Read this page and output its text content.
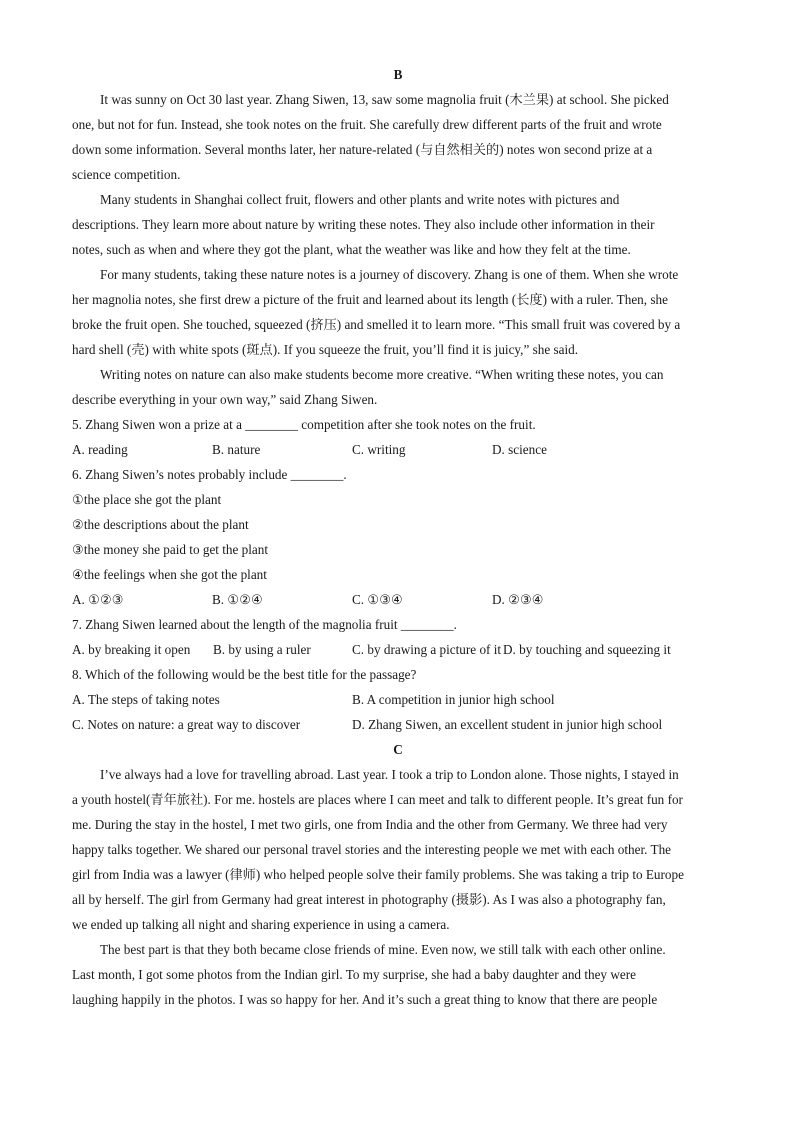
B
It was sunny on Oct 30 last year. Zhang Siwen, 13, saw some magnolia fruit (木兰果) at school. She picked
one, but not for fun. Instead, she took notes on the fruit. She carefully drew different parts of the fruit and wrote
down some information. Several months later, her nature-related (与自然相关的) notes won second prize at a
science competition.
Many students in Shanghai collect fruit, flowers and other plants and write notes with pictures and
descriptions. They learn more about nature by writing these notes. They also include other information in their
notes, such as when and where they got the plant, what the weather was like and how they felt at the time.
For many students, taking these nature notes is a journey of discovery. Zhang is one of them. When she wrote
her magnolia notes, she first drew a picture of the fruit and learned about its length (长度) with a ruler. Then, she
broke the fruit open. She touched, squeezed (挤压) and smelled it to learn more. “This small fruit was covered by a
hard shell (壳) with white spots (斑点). If you squeeze the fruit, you’ll find it is juicy,” she said.
Writing notes on nature can also make students become more creative. “When writing these notes, you can
describe everything in your own way,” said Zhang Siwen.
5. Zhang Siwen won a prize at a ________ competition after she took notes on the fruit.
A. reading	B. nature	C. writing	D. science
6. Zhang Siwen’s notes probably include ________.
①the place she got the plant
②the descriptions about the plant
③the money she paid to get the plant
④the feelings when she got the plant
A. ①②③	B. ①②④	C. ①③④	D. ②③④
7. Zhang Siwen learned about the length of the magnolia fruit ________.
A. by breaking it open	B. by using a ruler	C. by drawing a picture of it D. by touching and squeezing it
8. Which of the following would be the best title for the passage?
A. The steps of taking notes	B. A competition in junior high school
C. Notes on nature: a great way to discover	D. Zhang Siwen, an excellent student in junior high school
C
I’ve always had a love for travelling abroad. Last year. I took a trip to London alone. Those nights, I stayed in
a youth hostel(青年旅社). For me. hostels are places where I can meet and talk to different people. It’s great fun for
me. During the stay in the hostel, I met two girls, one from India and the other from Germany. We three had very
happy talks together. We shared our personal travel stories and the interesting people we met with each other. The
girl from India was a lawyer (律师) who helped people solve their family problems. She was taking a trip to Europe
all by herself. The girl from Germany had great interest in photography (摄影). As I was also a photography fan,
we ended up talking all night and sharing experience in using a camera.
The best part is that they both became close friends of mine. Even now, we still talk with each other online.
Last month, I got some photos from the Indian girl. To my surprise, she had a baby daughter and they were
laughing happily in the photos. I was so happy for her. And it’s such a great thing to know that there are people
